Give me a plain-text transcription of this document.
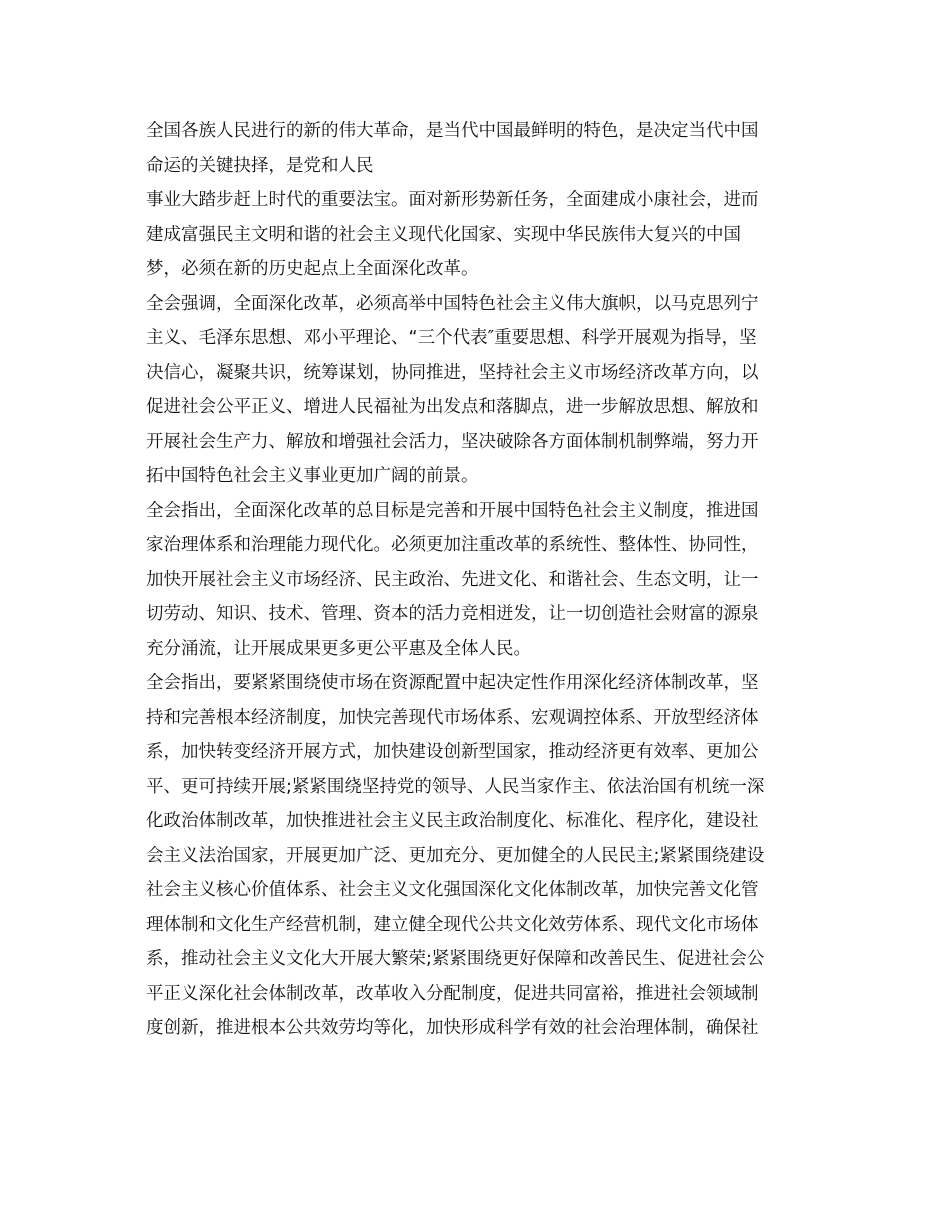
全国各族人民进行的新的伟大革命，是当代中国最鲜明的特色，是决定当代中国
命运的关键抉择，是党和人民
事业大踏步赶上时代的重要法宝。面对新形势新任务，全面建成小康社会，进而
建成富强民主文明和谐的社会主义现代化国家、实现中华民族伟大复兴的中国
梦，必须在新的历史起点上全面深化改革。
全会强调，全面深化改革，必须高举中国特色社会主义伟大旗帜，以马克思列宁
主义、毛泽东思想、邓小平理论、“三个代表″重要思想、科学开展观为指导，坚
决信心，凝聚共识，统筹谋划，协同推进，坚持社会主义市场经济改革方向，以
促进社会公平正义、增进人民福祉为出发点和落脚点，进一步解放思想、解放和
开展社会生产力、解放和增强社会活力，坚决破除各方面体制机制弊端，努力开
拓中国特色社会主义事业更加广阔的前景。
全会指出，全面深化改革的总目标是完善和开展中国特色社会主义制度，推进国
家治理体系和治理能力现代化。必须更加注重改革的系统性、整体性、协同性，
加快开展社会主义市场经济、民主政治、先进文化、和谐社会、生态文明，让一
切劳动、知识、技术、管理、资本的活力竞相迸发，让一切创造社会财富的源泉
充分涌流，让开展成果更多更公平惠及全体人民。
全会指出，要紧紧围绕使市场在资源配置中起决定性作用深化经济体制改革，坚
持和完善根本经济制度，加快完善现代市场体系、宏观调控体系、开放型经济体
系，加快转变经济开展方式，加快建设创新型国家，推动经济更有效率、更加公
平、更可持续开展;紧紧围绕坚持党的领导、人民当家作主、依法治国有机统一深
化政治体制改革，加快推进社会主义民主政治制度化、标准化、程序化，建设社
会主义法治国家，开展更加广泛、更加充分、更加健全的人民民主;紧紧围绕建设
社会主义核心价值体系、社会主义文化强国深化文化体制改革，加快完善文化管
理体制和文化生产经营机制，建立健全现代公共文化效劳体系、现代文化市场体
系，推动社会主义文化大开展大繁荣;紧紧围绕更好保障和改善民生、促进社会公
平正义深化社会体制改革，改革收入分配制度，促进共同富裕，推进社会领域制
度创新，推进根本公共效劳均等化，加快形成科学有效的社会治理体制，确保社
